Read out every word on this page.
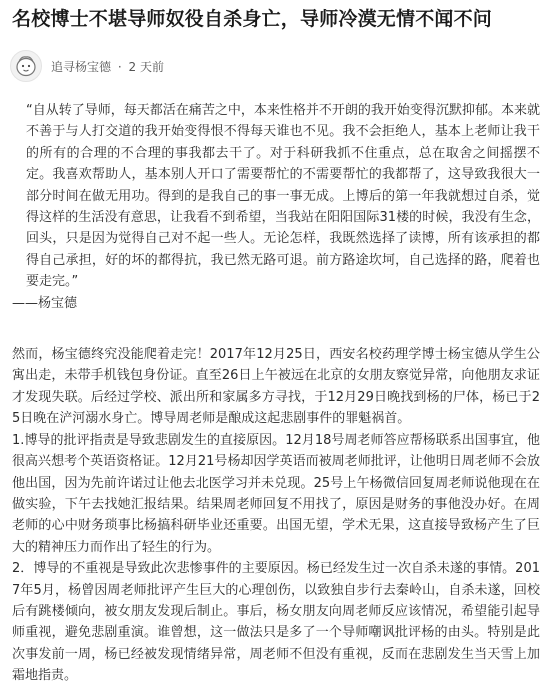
名校博士不堪导师奴役自杀身亡，导师冷漠无情不闻不问
追寻杨宝德 · 2 天前

“自从转了导师，每天都活在痛苦之中，本来性格并不开朗的我开始变得沉默抑郁。本来就不善于与人打交道的我开始变得恨不得每天谁也不见。我不会拒绝人，基本上老师让我干的所有的合理的不合理的事我都去干了。对于科研我抓不住重点，总在取舍之间摇摆不定。我喜欢帮助人，基本别人开口了需要帮忙的不需要帮忙的我都帮了，这导致我很大一部分时间在做无用功。得到的是我自己的事一事无成。上博后的第一年我就想过自杀，觉得这样的生活没有意思，让我看不到希望，当我站在阳阳国际31楼的时候，我没有生念，回头，只是因为觉得自己对不起一些人。无论怎样，我既然选择了读博，所有该承担的都得自己承担，好的坏的都得抗，我已然无路可退。前方路途坎坷，自己选择的路，爬着也要走完。”

——杨宝德

然而，杨宝德终究没能爬着走完！2017年12月25日，西安名校药理学博士杨宝德从学生公寓出走，未带手机钱包身份证。直至26日上午被远在北京的女朋友察觉异常，向他朋友求证才发现失联。后经过学校、派出所和家属多方寻找，于12月29日晚找到杨的尸体，杨已于25日晚在浐河溺水身亡。博导周老师是酿成这起悲剧事件的罪魁祸首。

1.博导的批评指责是导致悲剧发生的直接原因。12月18号周老师答应帮杨联系出国事宜，他很高兴想考个英语资格证。12月21号杨却因学英语而被周老师批评，让他明日周老师不会放他出国，因为先前许诺过让他去北医学习并未兑现。25号上午杨微信回复周老师说他现在在做实验，下午去找她汇报结果。结果周老师回复不用找了，原因是财务的事他没办好。在周老师的心中财务琐事比杨搞科研毕业还重要。出国无望，学术无果，这直接导致杨产生了巨大的精神压力而作出了轻生的行为。

2．博导的不重视是导致此次悲惨事件的主要原因。杨已经发生过一次自杀未遂的事情。2017年5月，杨曾因周老师批评产生巨大的心理创伤，以致独自步行去秦岭山，自杀未遂，回校后有跳楼倾向，被女朋友发现后制止。事后，杨女朋友向周老师反应该情况，希望能引起导师重视，避免悲剧重演。谁曾想，这一做法只是多了一个导师嘲讽批评杨的由头。特别是此次事发前一周，杨已经被发现情绪异常，周老师不但没有重视，反而在悲剧发生当天雪上加霜地指责。
